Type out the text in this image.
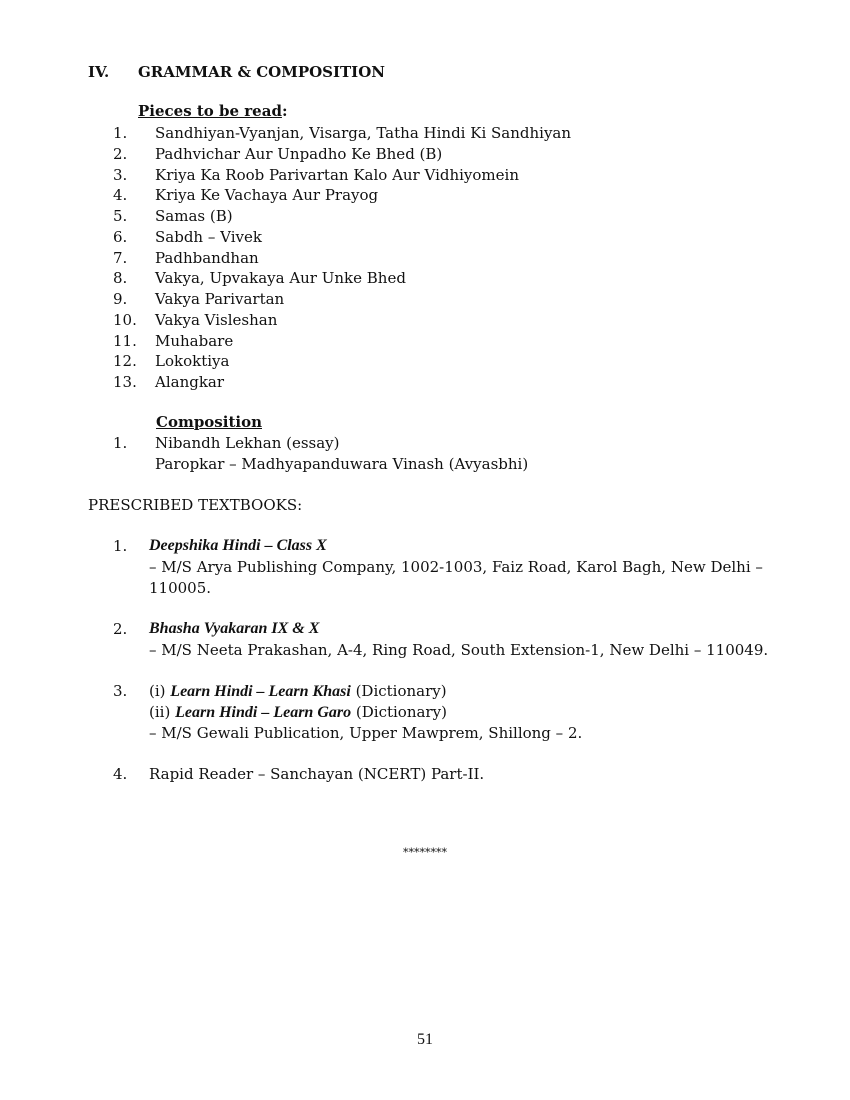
IV. GRAMMAR & COMPOSITION
Pieces to be read:
1. Sandhiyan-Vyanjan, Visarga, Tatha Hindi Ki Sandhiyan
2. Padhvichar Aur Unpadho Ke Bhed (B)
3. Kriya Ka Roob Parivartan Kalo Aur Vidhiyomein
4. Kriya Ke Vachaya Aur Prayog
5. Samas (B)
6. Sabdh – Vivek
7. Padhbandhan
8. Vakya, Upvakaya Aur Unke Bhed
9. Vakya Parivartan
10. Vakya Visleshan
11. Muhabare
12. Lokoktiya
13. Alangkar
Composition
1. Nibandh Lekhan (essay)
Paropkar – Madhyapanduwara Vinash (Avyasbhi)
PRESCRIBED TEXTBOOKS:
1. Deepshika Hindi – Class X
– M/S Arya Publishing Company, 1002-1003, Faiz Road, Karol Bagh, New Delhi –
110005.
2. Bhasha Vyakaran IX & X
– M/S Neeta Prakashan, A-4, Ring Road, South Extension-1, New Delhi – 110049.
3. (i) Learn Hindi – Learn Khasi (Dictionary)
(ii) Learn Hindi – Learn Garo (Dictionary)
– M/S Gewali Publication, Upper Mawprem, Shillong – 2.
4. Rapid Reader – Sanchayan (NCERT) Part-II.
********
51
